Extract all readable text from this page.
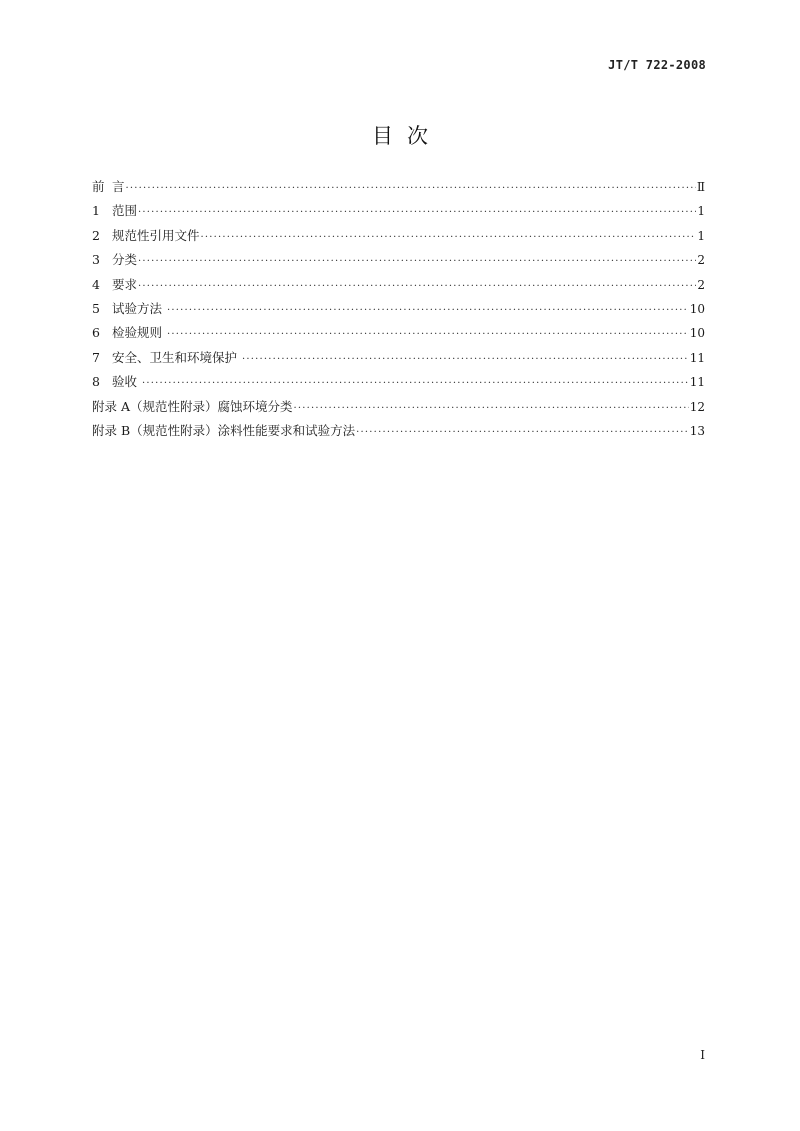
JT/T 722-2008
目次
前 言 ·····	Ⅱ
1 范围 ·····	1
2 规范性引用文件 ·····	1
3 分类 ·····	2
4 要求 ·····	2
5 试验方法 ·····	10
6 检验规则 ·····	10
7 安全、卫生和环境保护 ·····	11
8 验收 ·····	11
附录 A（规范性附录）腐蚀环境分类 ·····	12
附录 B（规范性附录）涂料性能要求和试验方法 ·····	13
I
